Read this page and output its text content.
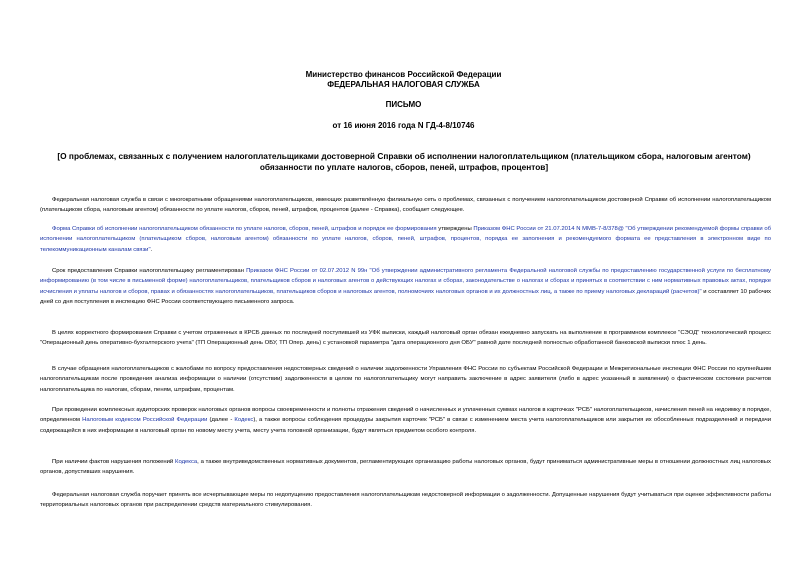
Министерство финансов Российской Федерации
ФЕДЕРАЛЬНАЯ НАЛОГОВАЯ СЛУЖБА
ПИСЬМО
от 16 июня 2016 года N ГД-4-8/10746
[О проблемах, связанных с получением налогоплательщиками достоверной Справки об исполнении налогоплательщиком (плательщиком сбора, налоговым агентом) обязанности по уплате налогов, сборов, пеней, штрафов, процентов]
Федеральная налоговая служба в связи с многократными обращениями налогоплательщиков, имеющих разветвлённую филиальную сеть о проблемах, связанных с получением налогоплательщиком достоверной Справки об исполнении налогоплательщиком (плательщиком сбора, налоговым агентом) обязанности по уплате налогов, сборов, пеней, штрафов, процентов (далее - Справка), сообщает следующее.
Форма Справки об исполнении налогоплательщиком обязанности по уплате налогов, сборов, пеней, штрафов и порядок ее формирования утверждены Приказом ФНС России от 21.07.2014 N ММВ-7-8/378@ "Об утверждении рекомендуемой формы справки об исполнении налогоплательщиком (плательщиком сборов, налоговым агентом) обязанности по уплате налогов, сборов, пеней, штрафов, процентов, порядка ее заполнения и рекомендуемого формата ее представления в электронном виде по телекоммуникационным каналам связи".
Срок предоставления Справки налогоплательщику регламентирован Приказом ФНС России от 02.07.2012 N 99н "Об утверждении административного регламента Федеральной налоговой службы по предоставлению государственной услуги по бесплатному информированию (в том числе в письменной форме) налогоплательщиков, плательщиков сборов и налоговых агентов о действующих налогах и сборах, законодательстве о налогах и сборах и принятых в соответствии с ним нормативных правовых актах, порядке исчисления и уплаты налогов и сборов, правах и обязанностях налогоплательщиков, плательщиков сборов и налоговых агентов, полномочиях налоговых органов и их должностных лиц, а также по приему налоговых деклараций (расчетов)" и составляет 10 рабочих дней со дня поступления в инспекцию ФНС России соответствующего письменного запроса.
В целях корректного формирования Справки с учетом отраженных в КРСБ данных по последней поступившей из УФК выписки, каждый налоговый орган обязан ежедневно запускать на выполнение в программном комплексе "СЭОД" технологический процесс "Операционный день оперативно-бухгалтерского учета" (ТП Операционный день ОБУ, ТП Опер. день) с установкой параметра "дата операционного дня ОБУ" равной дате последней полностью обработанной банковской выписки плюс 1 день.
В случае обращения налогоплательщиков с жалобами по вопросу предоставления недостоверных сведений о наличии задолженности Управления ФНС России по субъектам Российской Федерации и Межрегиональные инспекции ФНС России по крупнейшим налогоплательщикам после проведения анализа информации о наличии (отсутствии) задолженности в целом по налогоплательщику могут направить заключение в адрес заявителя (либо в адрес указанный в заявлении) о фактическом состоянии расчетов налогоплательщика по налогам, сборам, пеням, штрафам, процентам.
При проведении комплексных аудиторских проверок налоговых органов вопросы своевременности и полноты отражения сведений о начисленных и уплаченных суммах налогов в карточках "РСБ" налогоплательщиков, начисления пеней на недоимку в порядке, определенном Налоговым кодексом Российской Федерации (далее - Кодекс), а также вопросы соблюдения процедуры закрытия карточек "РСБ" в связи с изменением места учета налогоплательщиков или закрытия их обособленных подразделений и передачи содержащейся в них информации в налоговый орган по новому месту учета, месту учета головной организации, будут являться предметом особого контроля.
При наличии фактов нарушения положений Кодекса, а также внутриведомственных нормативных документов, регламентирующих организацию работы налоговых органов, будут приниматься административные меры в отношении должностных лиц налоговых органов, допустивших нарушения.
Федеральная налоговая служба поручает принять все исчерпывающие меры по недопущению предоставления налогоплательщикам недостоверной информации о задолженности. Допущенные нарушения будут учитываться при оценке эффективности работы территориальных налоговых органов при распределении средств материального стимулирования.
